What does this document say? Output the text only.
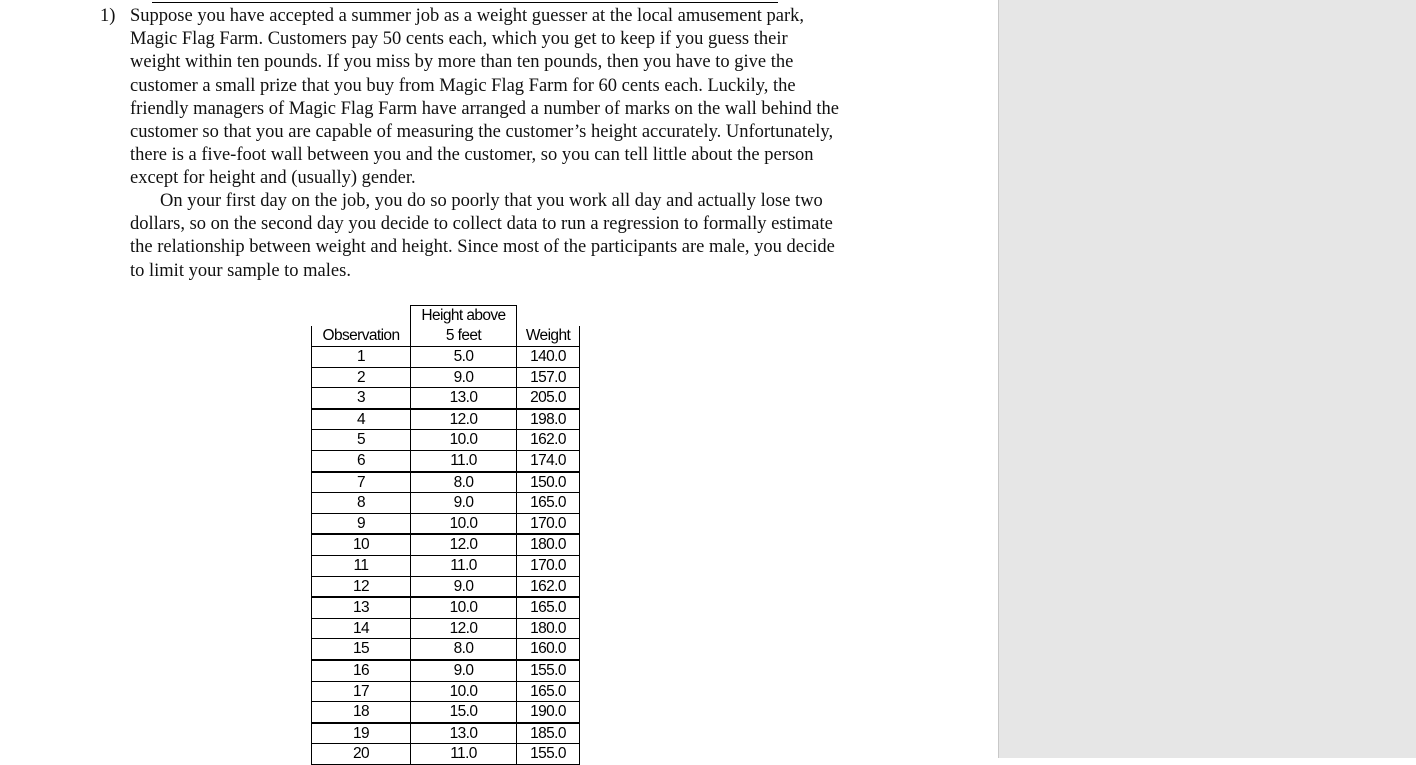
1) Suppose you have accepted a summer job as a weight guesser at the local amusement park,
Magic Flag Farm. Customers pay 50 cents each, which you get to keep if you guess their
weight within ten pounds. If you miss by more than ten pounds, then you have to give the
customer a small prize that you buy from Magic Flag Farm for 60 cents each. Luckily, the
friendly managers of Magic Flag Farm have arranged a number of marks on the wall behind the
customer so that you are capable of measuring the customer’s height accurately. Unfortunately,
there is a five-foot wall between you and the customer, so you can tell little about the person
except for height and (usually) gender.

On your first day on the job, you do so poorly that you work all day and actually lose two
dollars, so on the second day you decide to collect data to run a regression to formally estimate
the relationship between weight and height. Since most of the participants are male, you decide
to limit your sample to males.

	Height above	
Observation	5 feet	Weight
1	5.0	140.0
2	9.0	157.0
3	13.0	205.0
4	12.0	198.0
5	10.0	162.0
6	11.0	174.0
7	8.0	150.0
8	9.0	165.0
9	10.0	170.0
10	12.0	180.0
11	11.0	170.0
12	9.0	162.0
13	10.0	165.0
14	12.0	180.0
15	8.0	160.0
16	9.0	155.0
17	10.0	165.0
18	15.0	190.0
19	13.0	185.0
20	11.0	155.0
